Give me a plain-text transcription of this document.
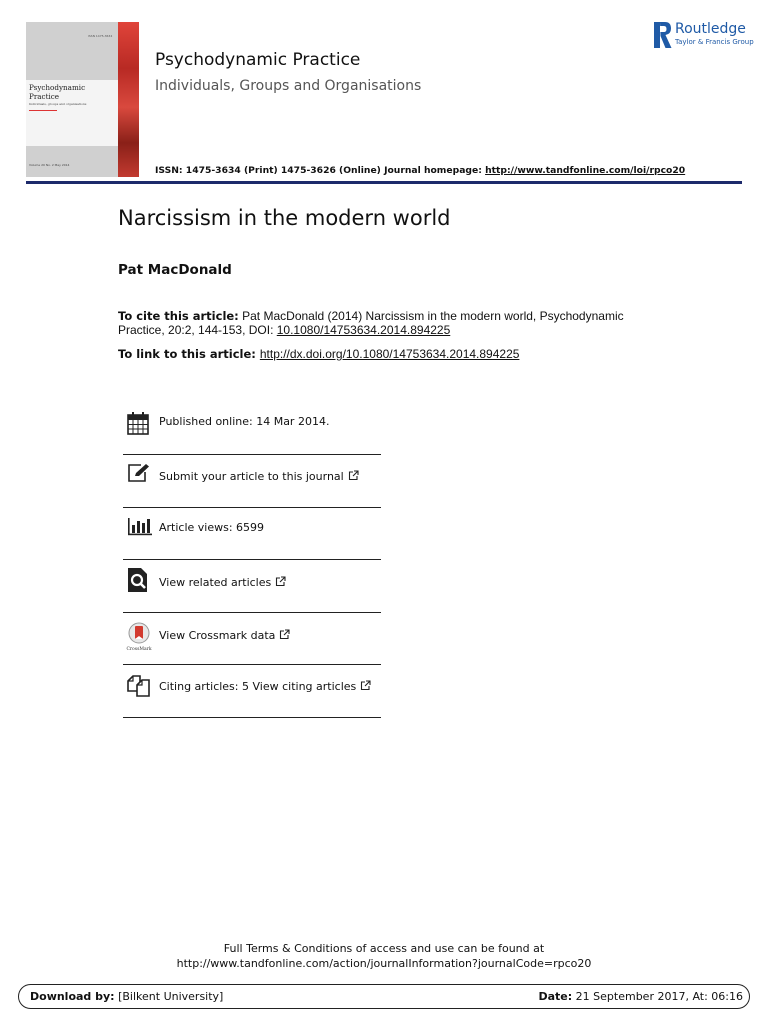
ISSN 1475-3634
Psychodynamic
Practice
Individuals, groups and organisations
Volume 20 No. 2 May 2014
Psychodynamic Practice
Individuals, Groups and Organisations
ISSN: 1475-3634 (Print) 1475-3626 (Online) Journal homepage: http://www.tandfonline.com/loi/rpco20
Routledge
Taylor & Francis Group
Narcissism in the modern world
Pat MacDonald
To cite this article: Pat MacDonald (2014) Narcissism in the modern world, Psychodynamic Practice, 20:2, 144-153, DOI: 10.1080/14753634.2014.894225
To link to this article: http://dx.doi.org/10.1080/14753634.2014.894225
Published online: 14 Mar 2014.
Submit your article to this journal
Article views: 6599
View related articles
CrossMark
View Crossmark data
Citing articles: 5 View citing articles
Full Terms & Conditions of access and use can be found at
http://www.tandfonline.com/action/journalInformation?journalCode=rpco20
Download by: [Bilkent University]	Date: 21 September 2017, At: 06:16
